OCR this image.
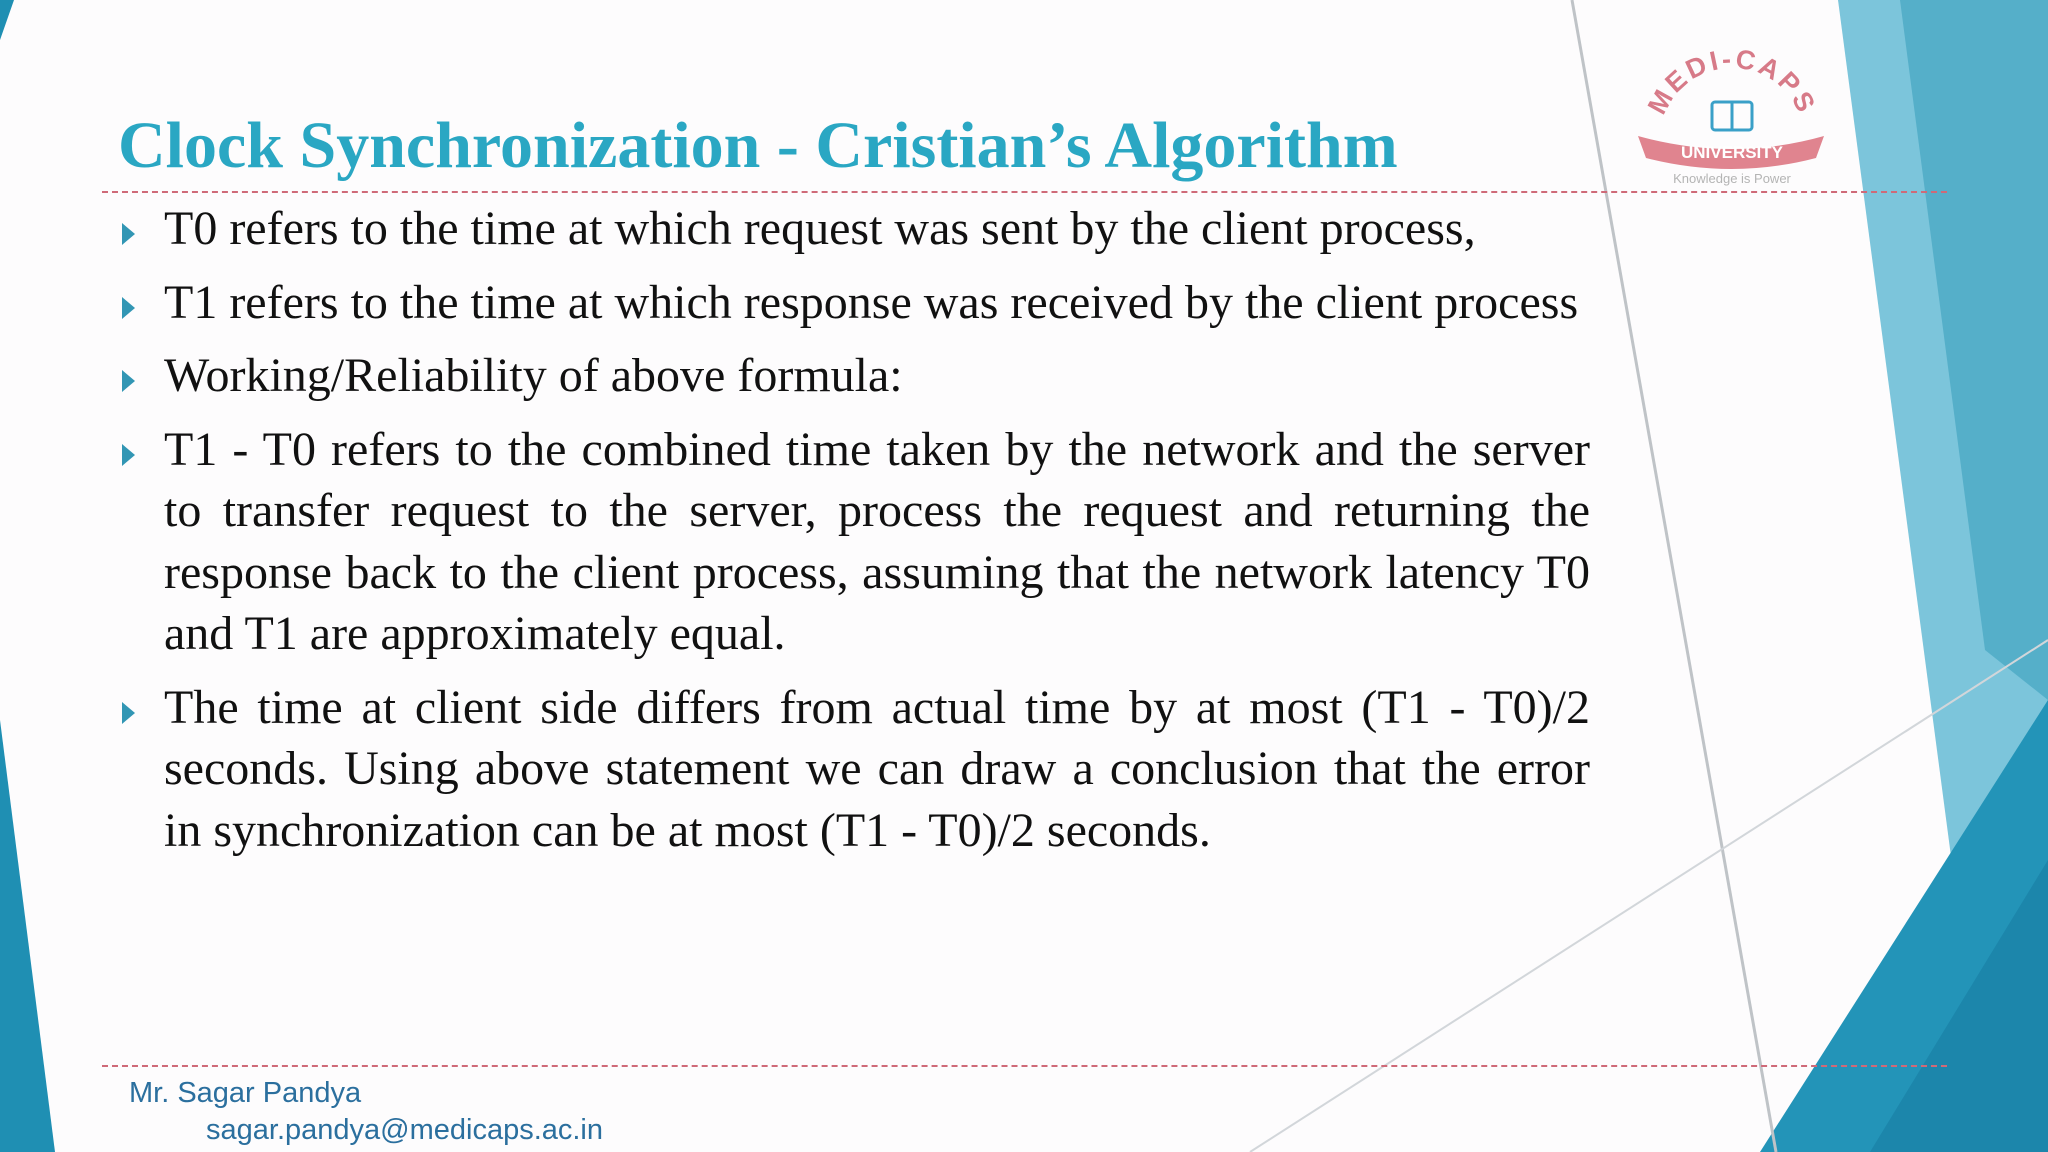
MEDI-CAPS
UNIVERSITY
Knowledge is Power
Clock Synchronization - Cristian’s Algorithm
T0 refers to the time at which request was sent by the client process,
T1 refers to the time at which response was received by the client process
Working/Reliability of above formula:
T1 - T0 refers to the combined time taken by the network and the server to transfer request to the server, process the request and returning the response back to the client process, assuming that the network latency T0 and T1 are approximately equal.
The time at client side differs from actual time by at most (T1 - T0)/2 seconds. Using above statement we can draw a conclusion that the error in synchronization can be at most (T1 - T0)/2 seconds.
Mr. Sagar Pandya
sagar.pandya@medicaps.ac.in
